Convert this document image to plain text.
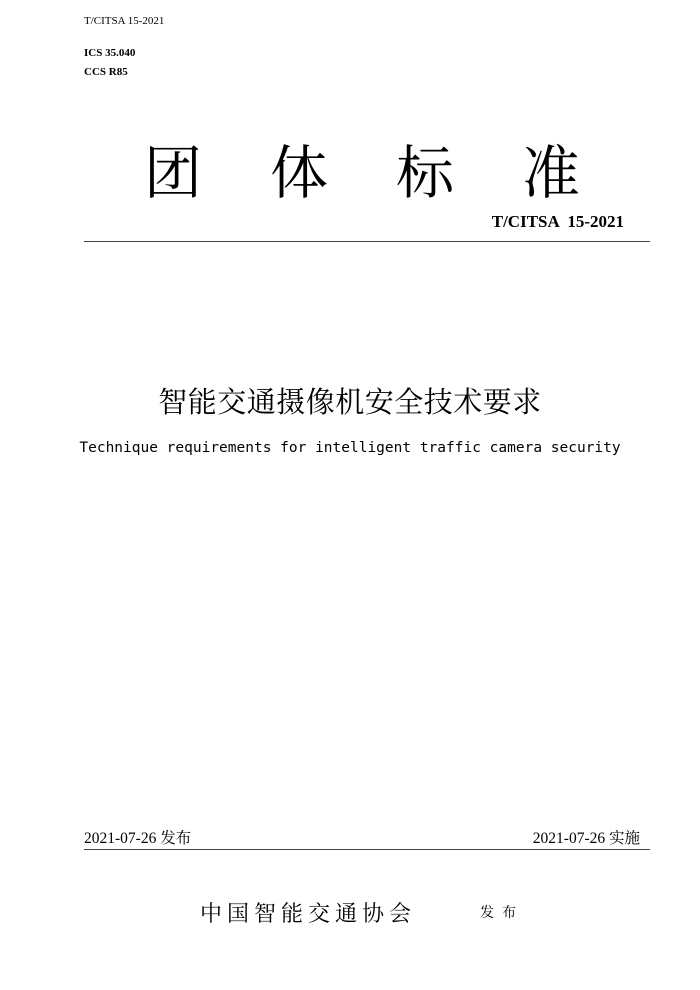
T/CITSA 15-2021
ICS 35.040
CCS R85
团 体 标 准
T/CITSA  15-2021
智能交通摄像机安全技术要求
Technique requirements for intelligent traffic camera security
2021-07-26 发布	2021-07-26 实施
中国智能交通协会	发布
